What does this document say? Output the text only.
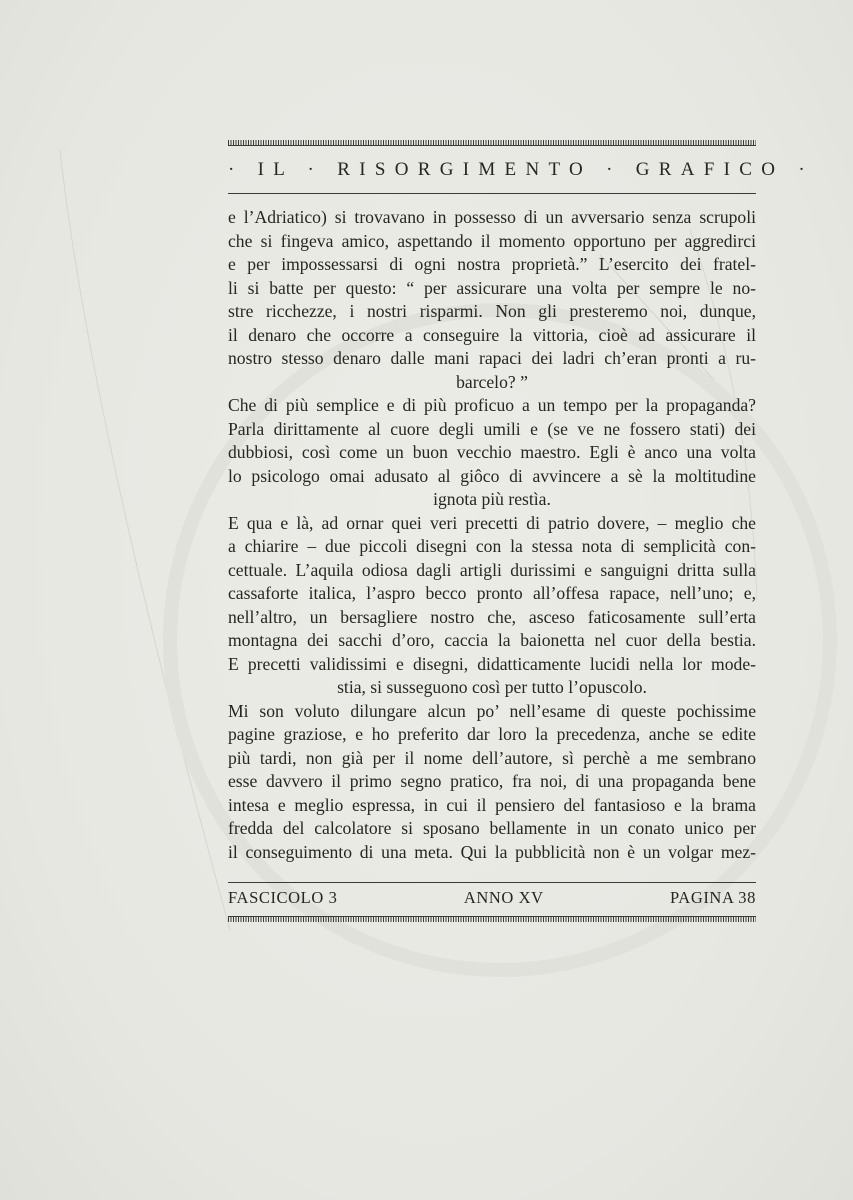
· IL · RISORGIMENTO · GRAFICO ·

e l’Adriatico) si trovavano in possesso di un avversario senza scrupoli

che si fingeva amico, aspettando il momento opportuno per aggredirci

e per impossessarsi di ogni nostra proprietà.” L’esercito dei fratel-

li si batte per questo: “ per assicurare una volta per sempre le no-

stre ricchezze, i nostri risparmi. Non gli presteremo noi, dunque,

il denaro che occorre a conseguire la vittoria, cioè ad assicurare il

nostro stesso denaro dalle mani rapaci dei ladri ch’eran pronti a ru-

barcelo? ”

Che di più semplice e di più proficuo a un tempo per la propaganda?

Parla dirittamente al cuore degli umili e (se ve ne fossero stati) dei

dubbiosi, così come un buon vecchio maestro. Egli è anco una volta

lo psicologo omai adusato al giôco di avvincere a sè la moltitudine

ignota più restìa.

E qua e là, ad ornar quei veri precetti di patrio dovere, – meglio che

a chiarire – due piccoli disegni con la stessa nota di semplicità con-

cettuale. L’aquila odiosa dagli artigli durissimi e sanguigni dritta sulla

cassaforte italica, l’aspro becco pronto all’offesa rapace, nell’uno; e,

nell’altro, un bersagliere nostro che, asceso faticosamente sull’erta

montagna dei sacchi d’oro, caccia la baionetta nel cuor della bestia.

E precetti validissimi e disegni, didatticamente lucidi nella lor mode-

stia, si susseguono così per tutto l’opuscolo.

Mi son voluto dilungare alcun po’ nell’esame di queste pochissime

pagine graziose, e ho preferito dar loro la precedenza, anche se edite

più tardi, non già per il nome dell’autore, sì perchè a me sembrano

esse davvero il primo segno pratico, fra noi, di una propaganda bene

intesa e meglio espressa, in cui il pensiero del fantasioso e la brama

fredda del calcolatore si sposano bellamente in un conato unico per

il conseguimento di una meta. Qui la pubblicità non è un volgar mez-

FASCICOLO 3	ANNO XV	PAGINA 38
